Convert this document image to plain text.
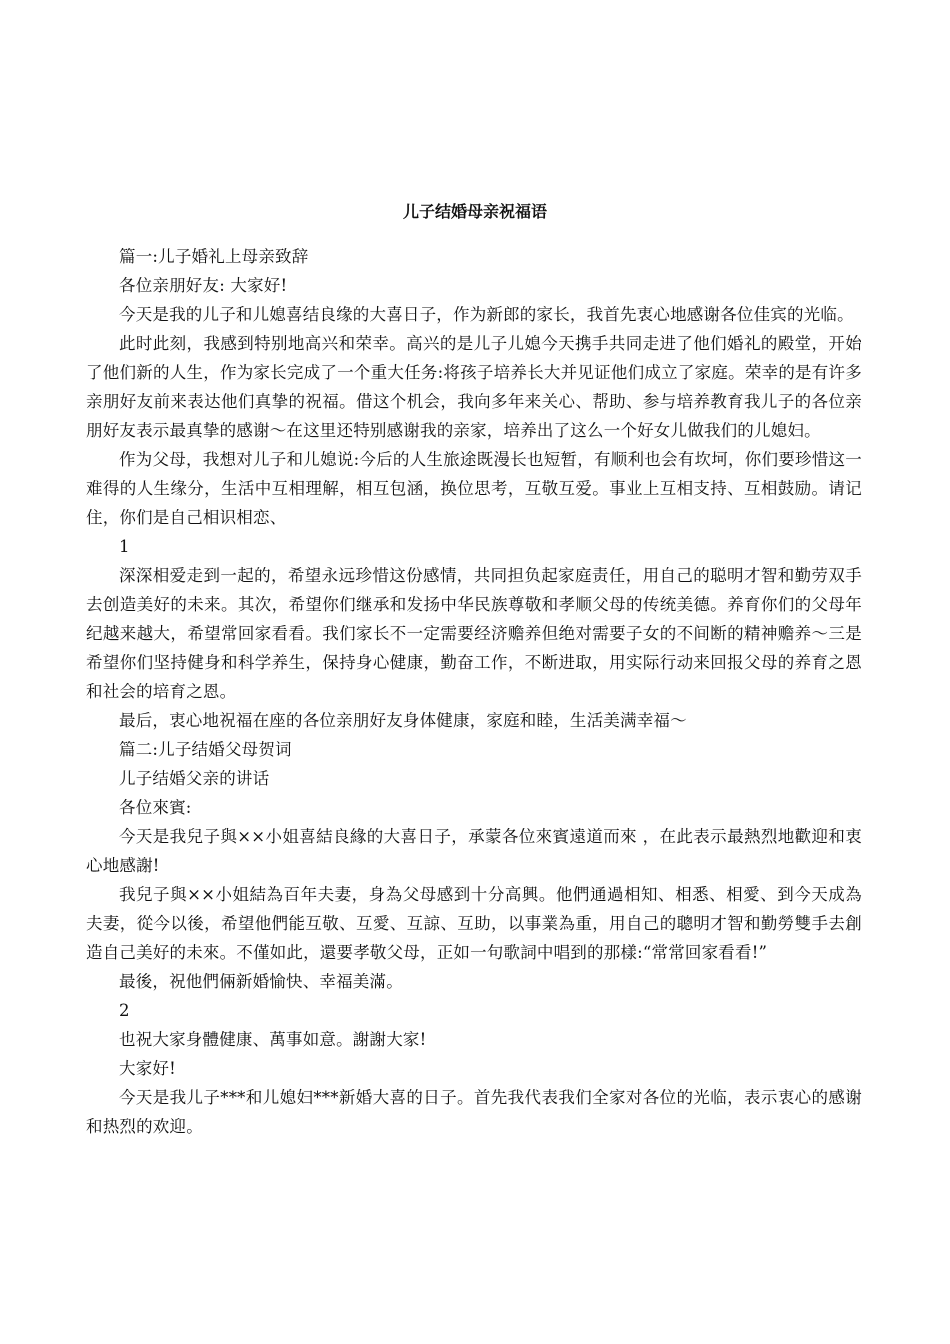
儿子结婚母亲祝福语

篇一:儿子婚礼上母亲致辞

各位亲朋好友: 大家好!

今天是我的儿子和儿媳喜结良缘的大喜日子，作为新郎的家长，我首先衷心地感谢各位佳宾的光临。

此时此刻，我感到特别地高兴和荣幸。高兴的是儿子儿媳今天携手共同走进了他们婚礼的殿堂，开始了他们新的人生，作为家长完成了一个重大任务:将孩子培养长大并见证他们成立了家庭。荣幸的是有许多亲朋好友前来表达他们真挚的祝福。借这个机会，我向多年来关心、帮助、参与培养教育我儿子的各位亲朋好友表示最真挚的感谢～在这里还特别感谢我的亲家，培养出了这么一个好女儿做我们的儿媳妇。

作为父母，我想对儿子和儿媳说:今后的人生旅途既漫长也短暂，有顺利也会有坎坷，你们要珍惜这一难得的人生缘分，生活中互相理解，相互包涵，换位思考，互敬互爱。事业上互相支持、互相鼓励。请记住，你们是自己相识相恋、

1

深深相爱走到一起的，希望永远珍惜这份感情，共同担负起家庭责任，用自己的聪明才智和勤劳双手去创造美好的未来。其次，希望你们继承和发扬中华民族尊敬和孝顺父母的传统美德。养育你们的父母年纪越来越大，希望常回家看看。我们家长不一定需要经济赡养但绝对需要子女的不间断的精神赡养～三是希望你们坚持健身和科学养生，保持身心健康，勤奋工作，不断进取，用实际行动来回报父母的养育之恩和社会的培育之恩。

最后，衷心地祝福在座的各位亲朋好友身体健康，家庭和睦，生活美满幸福～

篇二:儿子结婚父母贺词

儿子结婚父亲的讲话

各位來賓:

今天是我兒子與××小姐喜結良緣的大喜日子，承蒙各位來賓遠道而來 ，在此表示最熱烈地歡迎和衷心地感謝!

我兒子與××小姐結為百年夫妻，身為父母感到十分高興。他們通過相知、相悉、相愛、到今天成為夫妻，從今以後，希望他們能互敬、互愛、互諒、互助，以事業為重，用自己的聰明才智和勤勞雙手去創造自己美好的未來。不僅如此，還要孝敬父母，正如一句歌詞中唱到的那樣:“常常回家看看!”

最後，祝他們倆新婚愉快、幸福美滿。

2

也祝大家身體健康、萬事如意。謝謝大家!

大家好!

今天是我儿子***和儿媳妇***新婚大喜的日子。首先我代表我们全家对各位的光临，表示衷心的感谢和热烈的欢迎。
